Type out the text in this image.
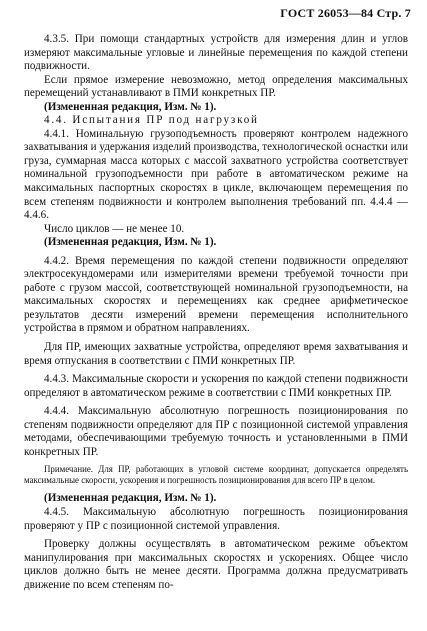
ГОСТ 26053—84 Стр. 7

4.3.5. При помощи стандартных устройств для измерения длин и углов измеряют максимальные угловые и линейные перемещения по каждой степени подвижности.

Если прямое измерение невозможно, метод определения максимальных перемещений устанавливают в ПМИ конкретных ПР.

(Измененная редакция, Изм. № 1).

4.4. Испытания ПР под нагрузкой

4.4.1. Номинальную грузоподъемность проверяют контролем надежного захватывания и удержания изделий производства, технологической оснастки или груза, суммарная масса которых с массой захватного устройства соответствует номинальной грузоподъемности при работе в автоматическом режиме на максимальных паспортных скоростях в цикле, включающем перемещения по всем степеням подвижности и контролем выполнения требований пп. 4.4.4 —4.4.6.

Число циклов — не менее 10.

(Измененная редакция, Изм. № 1).

4.4.2. Время перемещения по каждой степени подвижности определяют электросекундомерами или измерителями времени требуемой точности при работе с грузом массой, соответствующей номинальной грузоподъемности, на максимальных скоростях и перемещениях как среднее арифметическое результатов десяти измерений времени перемещения исполнительного устройства в прямом и обратном направлениях.

Для ПР, имеющих захватные устройства, определяют время захватывания и время отпускания в соответствии с ПМИ конкретных ПР.

4.4.3. Максимальные скорости и ускорения по каждой степени подвижности определяют в автоматическом режиме в соответствии с ПМИ конкретных ПР.

4.4.4. Максимальную абсолютную погрешность позиционирования по степеням подвижности определяют для ПР с позиционной системой управления методами, обеспечивающими требуемую точность и установленными в ПМИ конкретных ПР.

Примечание. Для ПР, работающих в угловой системе координат, допускается определять максимальные скорости, ускорения и погрешность позиционирования для всего ПР в целом.

(Измененная редакция, Изм. № 1).

4.4.5. Максимальную абсолютную погрешность позиционирования проверяют у ПР с позиционной системой управления.

Проверку должны осуществлять в автоматическом режиме объектом манипулирования при максимальных скоростях и ускорениях. Общее число циклов должно быть не менее десяти. Программа должна предусматривать движение по всем степеням по-
